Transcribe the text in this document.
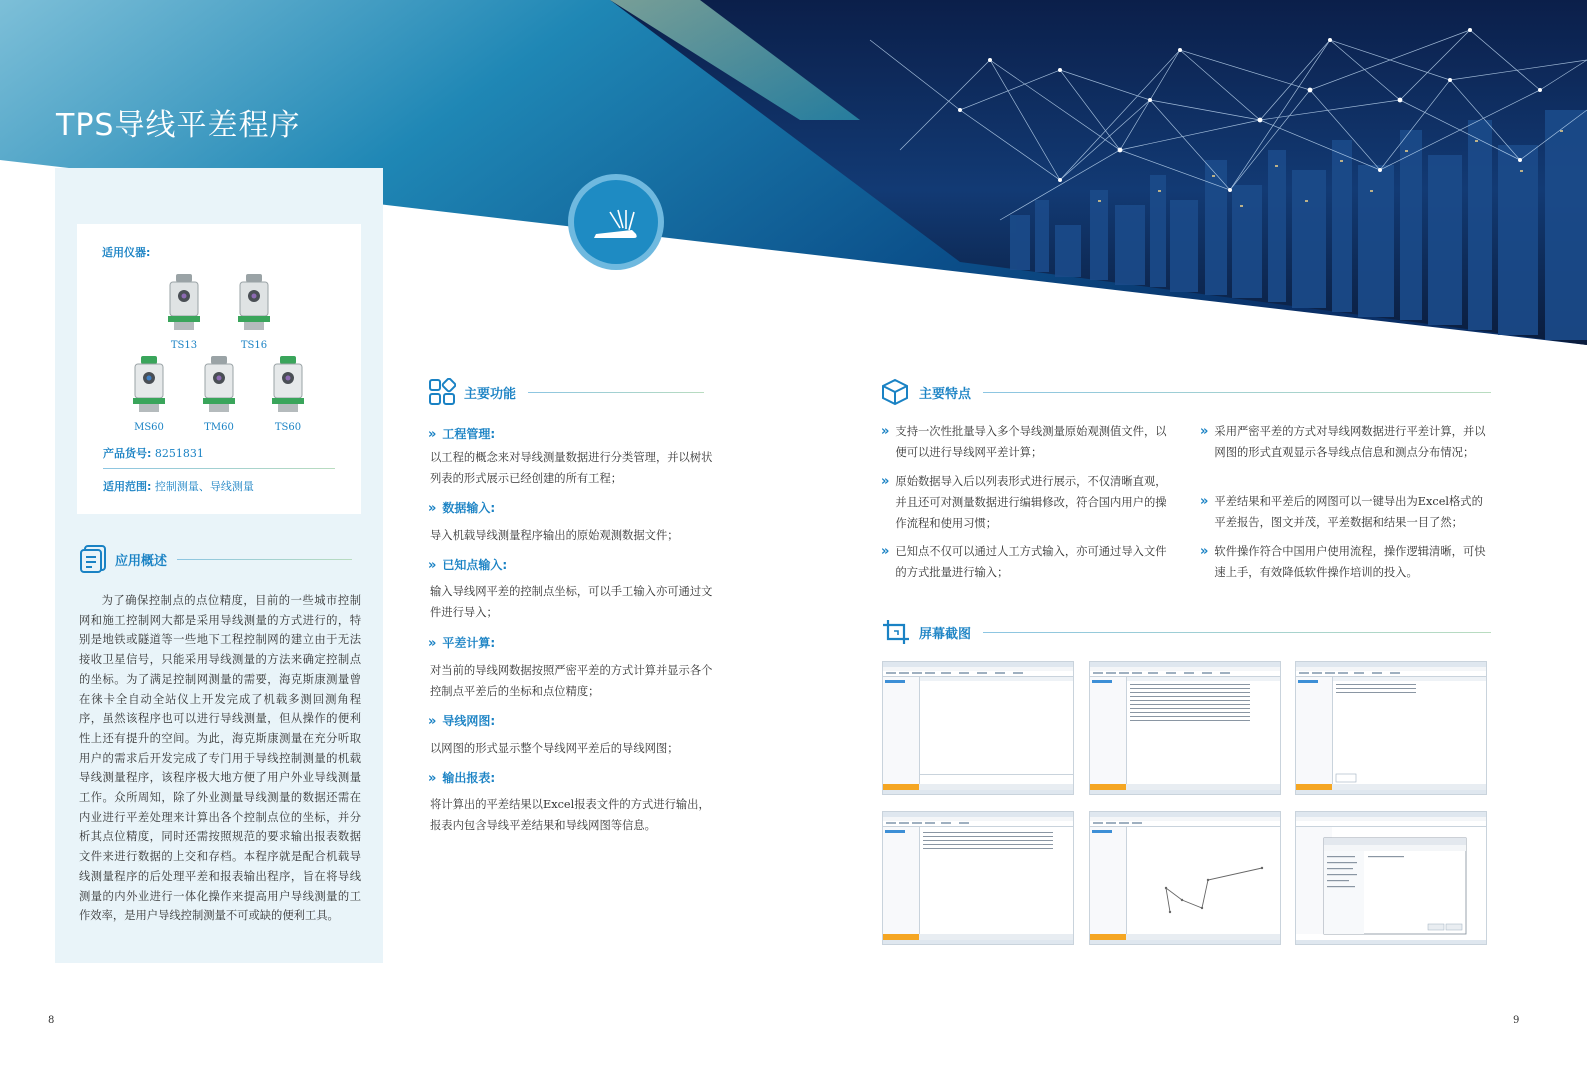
TPS导线平差程序
适用仪器:
TS13	TS16
MS60	TM60	TS60
产品货号: 8251831
适用范围: 控制测量、导线测量
应用概述
为了确保控制点的点位精度，目前的一些城市控制网和施工控制网大都是采用导线测量的方式进行的，特别是地铁或隧道等一些地下工程控制网的建立由于无法接收卫星信号，只能采用导线测量的方法来确定控制点的坐标。为了满足控制网测量的需要，海克斯康测量曾在徕卡全自动全站仪上开发完成了机载多测回测角程序，虽然该程序也可以进行导线测量，但从操作的便利性上还有提升的空间。为此，海克斯康测量在充分听取用户的需求后开发完成了专门用于导线控制测量的机载导线测量程序，该程序极大地方便了用户外业导线测量工作。众所周知，除了外业测量导线测量的数据还需在内业进行平差处理来计算出各个控制点位的坐标，并分析其点位精度，同时还需按照规范的要求输出报表数据文件来进行数据的上交和存档。本程序就是配合机载导线测量程序的后处理平差和报表输出程序，旨在将导线测量的内外业进行一体化操作来提高用户导线测量的工作效率，是用户导线控制测量不可或缺的便利工具。
主要功能
» 工程管理:
以工程的概念来对导线测量数据进行分类管理，并以树状列表的形式展示已经创建的所有工程；
» 数据输入:
导入机载导线测量程序输出的原始观测数据文件；
» 已知点输入:
输入导线网平差的控制点坐标，可以手工输入亦可通过文件进行导入；
» 平差计算:
对当前的导线网数据按照严密平差的方式计算并显示各个控制点平差后的坐标和点位精度；
» 导线网图:
以网图的形式显示整个导线网平差后的导线网图；
» 输出报表:
将计算出的平差结果以Excel报表文件的方式进行输出，报表内包含导线平差结果和导线网图等信息。
主要特点
» 支持一次性批量导入多个导线测量原始观测值文件，以便可以进行导线网平差计算；
» 原始数据导入后以列表形式进行展示，不仅清晰直观，并且还可对测量数据进行编辑修改，符合国内用户的操作流程和使用习惯；
» 已知点不仅可以通过人工方式输入，亦可通过导入文件的方式批量进行输入；
» 采用严密平差的方式对导线网数据进行平差计算，并以网图的形式直观显示各导线点信息和测点分布情况；
» 平差结果和平差后的网图可以一键导出为Excel格式的平差报告，图文并茂，平差数据和结果一目了然；
» 软件操作符合中国用户使用流程，操作逻辑清晰，可快速上手，有效降低软件操作培训的投入。
屏幕截图
8	9
